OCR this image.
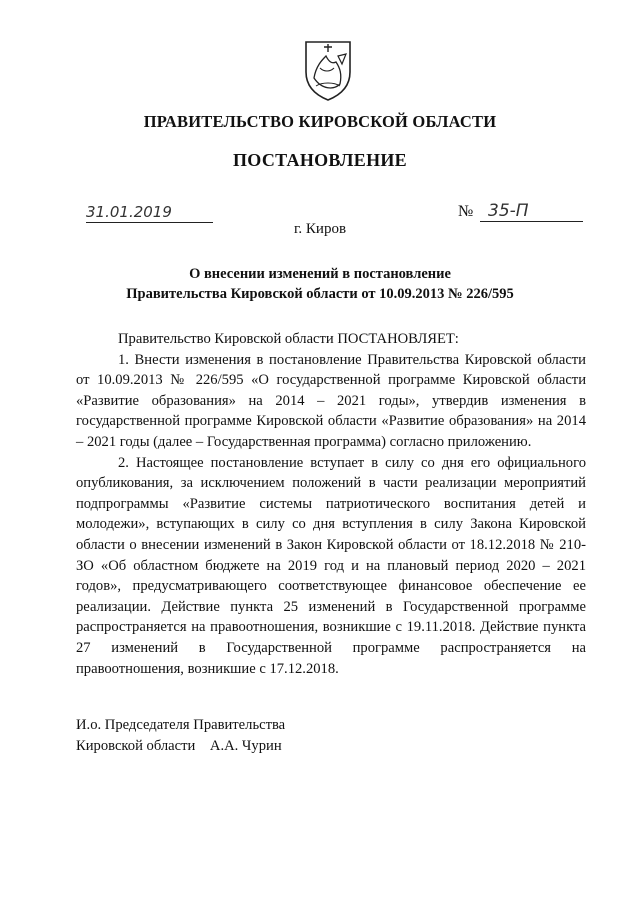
ПРАВИТЕЛЬСТВО КИРОВСКОЙ ОБЛАСТИ
ПОСТАНОВЛЕНИЕ
31.01.2019	№ 35-П
г. Киров
О внесении изменений в постановление
Правительства Кировской области от 10.09.2013 № 226/595

Правительство Кировской области ПОСТАНОВЛЯЕТ:

1. Внести изменения в постановление Правительства Кировской области от 10.09.2013 № 226/595 «О государственной программе Кировской области «Развитие образования» на 2014 – 2021 годы», утвердив изменения в государственной программе Кировской области «Развитие образования» на 2014 – 2021 годы (далее – Государственная программа) согласно приложению.

2. Настоящее постановление вступает в силу со дня его официального опубликования, за исключением положений в части реализации мероприятий подпрограммы «Развитие системы патриотического воспитания детей и молодежи», вступающих в силу со дня вступления в силу Закона Кировской области о внесении изменений в Закон Кировской области от 18.12.2018 № 210-ЗО «Об областном бюджете на 2019 год и на плановый период 2020 – 2021 годов», предусматривающего соответствующее финансовое обеспечение ее реализации. Действие пункта 25 изменений в Государственной программе распространяется на правоотношения, возникшие с 19.11.2018. Действие пункта 27 изменений в Государственной программе распространяется на правоотношения, возникшие с 17.12.2018.

И.о. Председателя Правительства
Кировской области    А.А. Чурин
